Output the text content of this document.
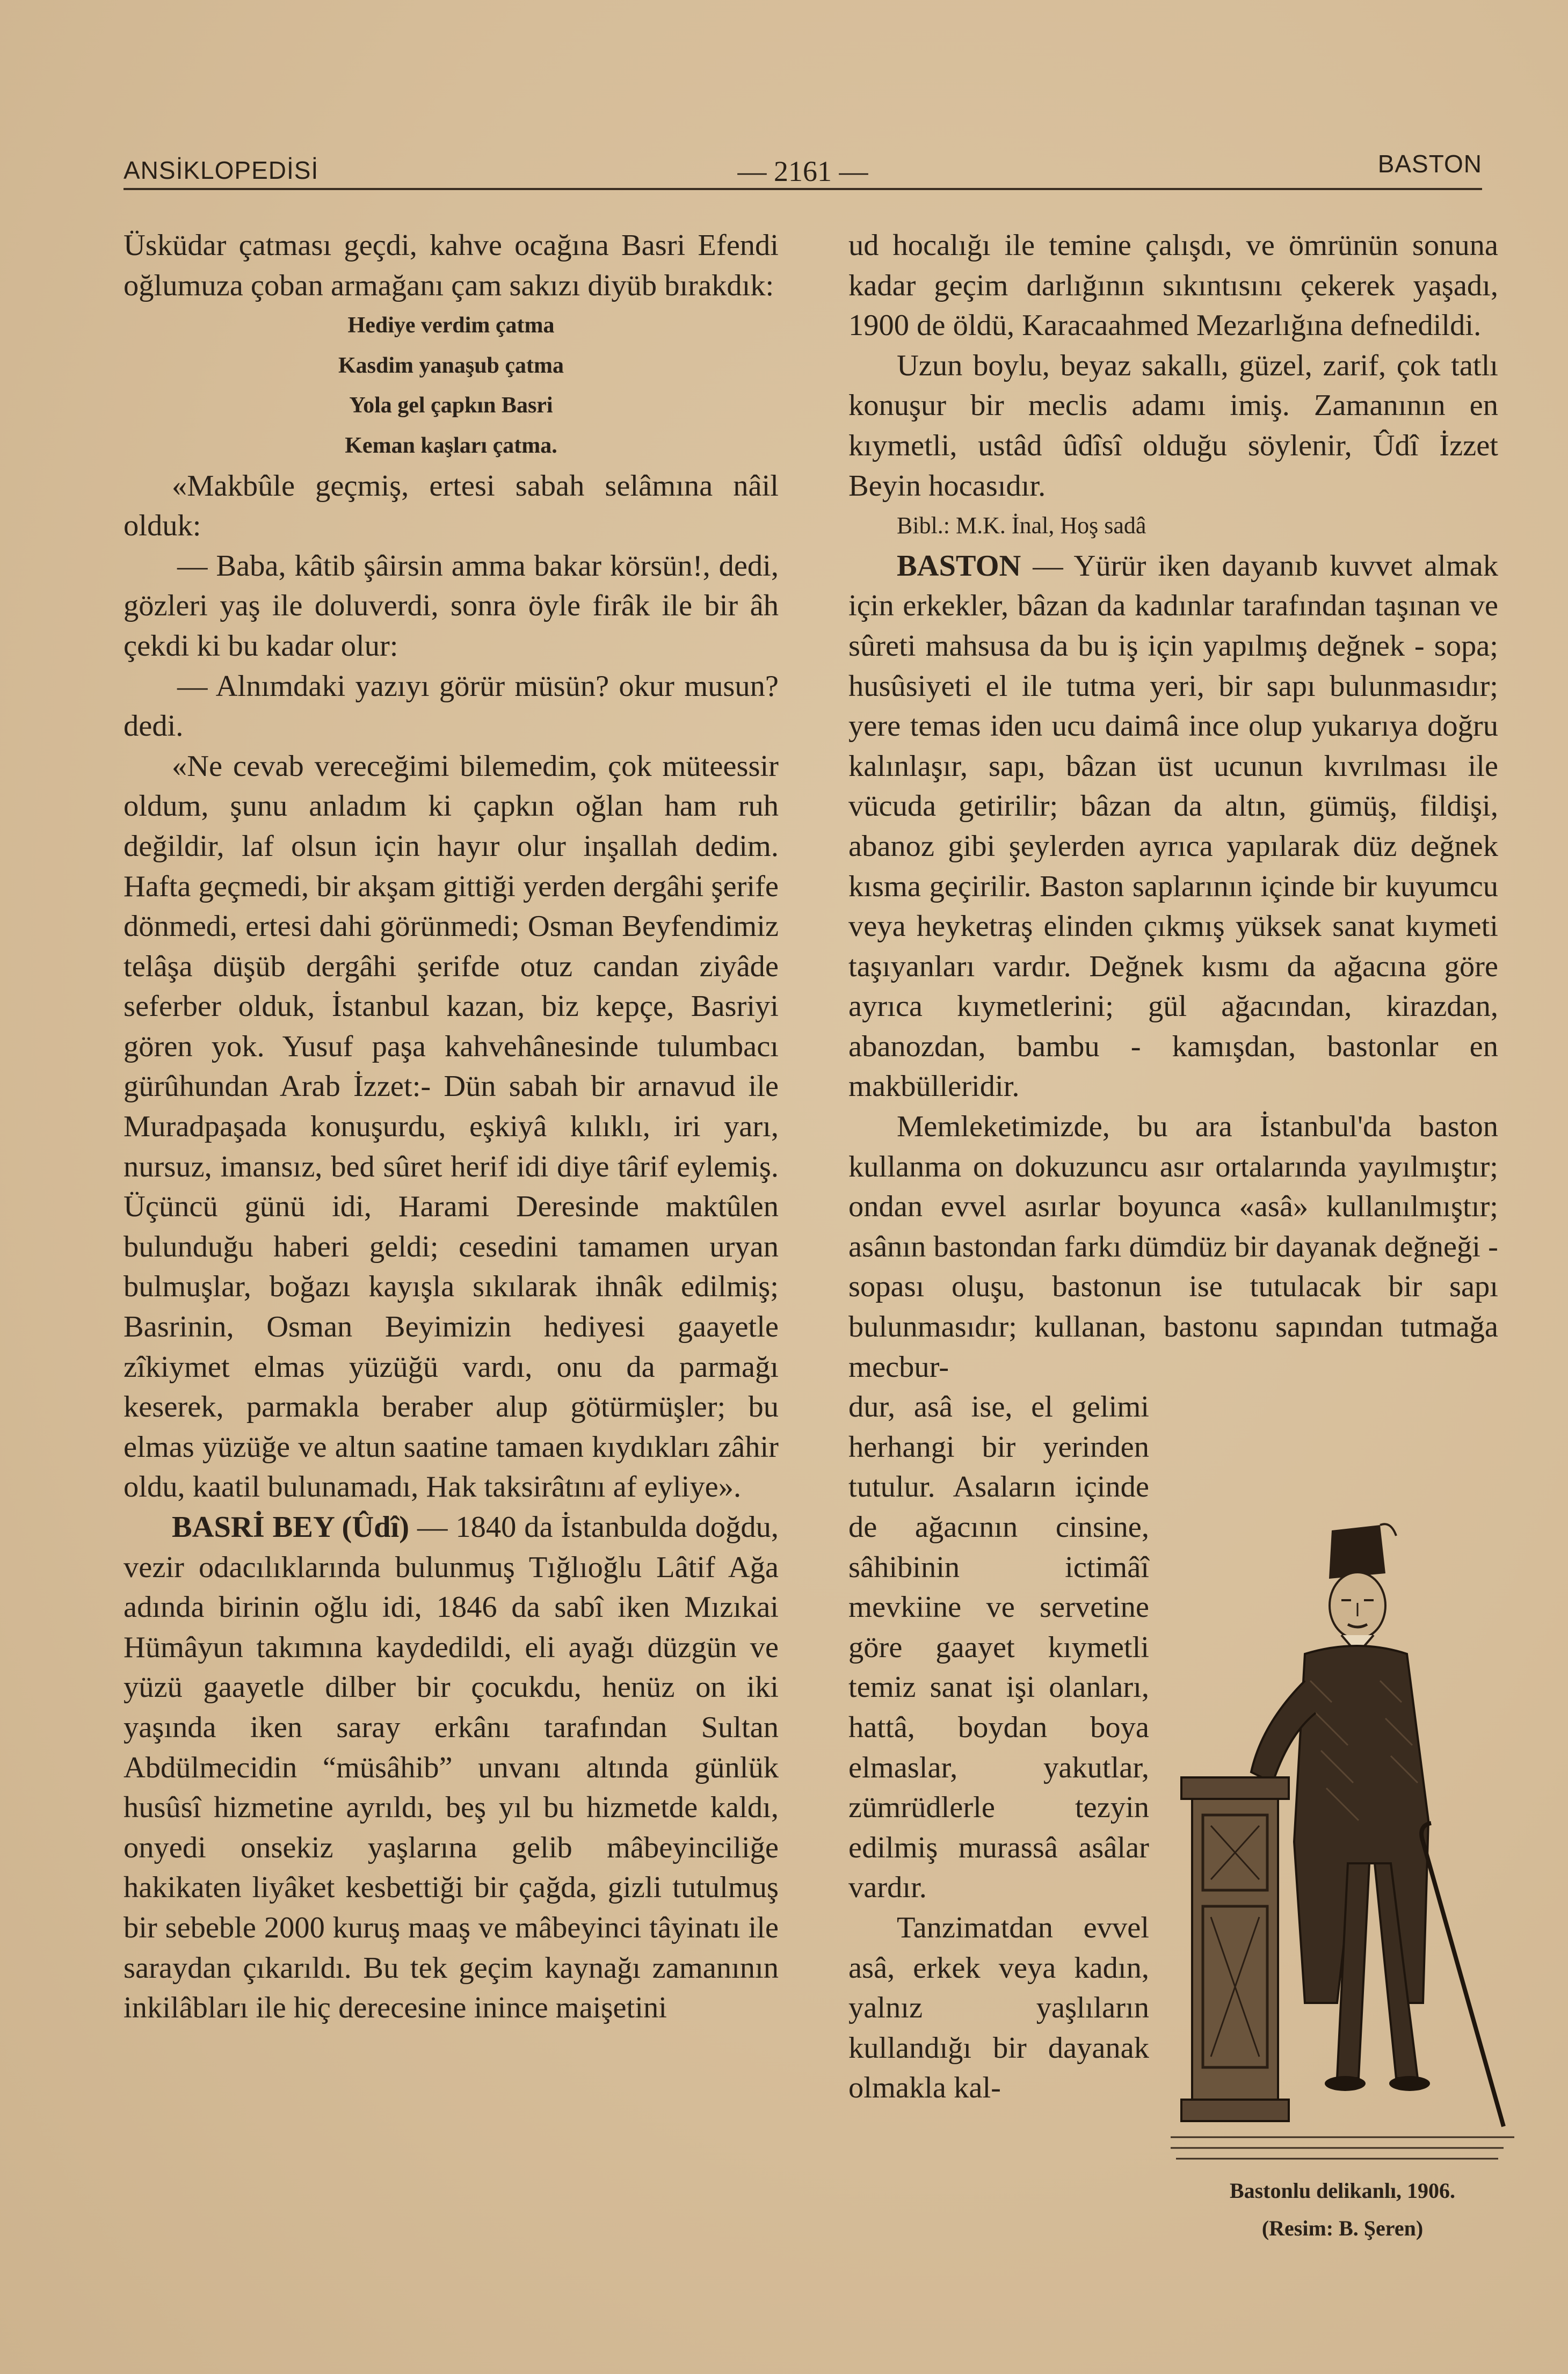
ANSİKLOPEDİSİ	— 2161 —	BASTON

Üsküdar çatması geçdi, kahve ocağına Basri Efendi oğlumuza çoban armağanı çam sakızı diyüb bırakdık:

Hediye verdim çatma
Kasdim yanaşub çatma
Yola gel çapkın Basri
Keman kaşları çatma.

«Makbûle geçmiş, ertesi sabah selâmına nâil olduk:

— Baba, kâtib şâirsin amma bakar körsün!, dedi, gözleri yaş ile doluverdi, sonra öyle firâk ile bir âh çekdi ki bu kadar olur:

— Alnımdaki yazıyı görür müsün? okur musun? dedi.

«Ne cevab vereceğimi bilemedim, çok müteessir oldum, şunu anladım ki çapkın oğlan ham ruh değildir, laf olsun için hayır olur inşallah dedim. Hafta geçmedi, bir akşam gittiği yerden dergâhi şerife dönmedi, ertesi dahi görünmedi; Osman Beyfendimiz telâşa düşüb dergâhi şerifde otuz candan ziyâde seferber olduk, İstanbul kazan, biz kepçe, Basriyi gören yok. Yusuf paşa kahvehânesinde tulumbacı gürûhundan Arab İzzet:- Dün sabah bir arnavud ile Muradpaşada konuşurdu, eşkiyâ kılıklı, iri yarı, nursuz, imansız, bed sûret herif idi diye târif eylemiş. Üçüncü günü idi, Harami Deresinde maktûlen bulunduğu haberi geldi; cesedini tamamen uryan bulmuşlar, boğazı kayışla sıkılarak ihnâk edilmiş; Basrinin, Osman Beyimizin hediyesi gaayetle zîkiymet elmas yüzüğü vardı, onu da parmağı keserek, parmakla beraber alup götürmüşler; bu elmas yüzüğe ve altun saatine tamaen kıydıkları zâhir oldu, kaatil bulunamadı, Hak taksirâtını af eyliye».

BASRİ BEY (Ûdî) — 1840 da İstanbulda doğdu, vezir odacılıklarında bulunmuş Tığlıoğlu Lâtif Ağa adında birinin oğlu idi, 1846 da sabî iken Mızıkai Hümâyun takımına kaydedildi, eli ayağı düzgün ve yüzü gaayetle dilber bir çocukdu, henüz on iki yaşında iken saray erkânı tarafından Sultan Abdülmecidin “müsâhib” unvanı altında günlük husûsî hizmetine ayrıldı, beş yıl bu hizmetde kaldı, onyedi onsekiz yaşlarına gelib mâbeyinciliğe hakikaten liyâket kesbettiği bir çağda, gizli tutulmuş bir sebeble 2000 kuruş maaş ve mâbeyinci tâyinatı ile saraydan çıkarıldı. Bu tek geçim kaynağı zamanının inkilâbları ile hiç derecesine inince maişetini

ud hocalığı ile temine çalışdı, ve ömrünün sonuna kadar geçim darlığının sıkıntısını çekerek yaşadı, 1900 de öldü, Karacaahmed Mezarlığına defnedildi.

Uzun boylu, beyaz sakallı, güzel, zarif, çok tatlı konuşur bir meclis adamı imiş. Zamanının en kıymetli, ustâd ûdîsî olduğu söylenir, Ûdî İzzet Beyin hocasıdır.

Bibl.: M.K. İnal, Hoş sadâ

BASTON — Yürür iken dayanıb kuvvet almak için erkekler, bâzan da kadınlar tarafından taşınan ve sûreti mahsusa da bu iş için yapılmış değnek - sopa; husûsiyeti el ile tutma yeri, bir sapı bulunmasıdır; yere temas iden ucu daimâ ince olup yukarıya doğru kalınlaşır, sapı, bâzan üst ucunun kıvrılması ile vücuda getirilir; bâzan da altın, gümüş, fildişi, abanoz gibi şeylerden ayrıca yapılarak düz değnek kısma geçirilir. Baston saplarının içinde bir kuyumcu veya heyketraş elinden çıkmış yüksek sanat kıymeti taşıyanları vardır. Değnek kısmı da ağacına göre ayrıca kıymetlerini; gül ağacından, kirazdan, abanozdan, bambu - kamışdan, bastonlar en makbülleridir.

Memleketimizde, bu ara İstanbul'da baston kullanma on dokuzuncu asır ortalarında yayılmıştır; ondan evvel asırlar boyunca «asâ» kullanılmıştır; asânın bastondan farkı dümdüz bir dayanak değneği - sopası oluşu, bastonun ise tutulacak bir sapı bulunmasıdır; kullanan, bastonu sapından tutmağa mecbur-

dur, asâ ise, el gelimi herhangi bir yerinden tutulur. Asaların içinde de ağacının cinsine, sâhibinin ictimâî mevkiine ve servetine göre gaayet kıymetli temiz sanat işi olanları, hattâ, boydan boya elmaslar, yakutlar, zümrüdlerle tezyin edilmiş murassâ asâlar vardır.

Tanzimatdan evvel asâ, erkek veya kadın, yalnız yaşlıların kullandığı bir dayanak olmakla kal-

Bastonlu delikanlı, 1906.
(Resim: B. Şeren)
